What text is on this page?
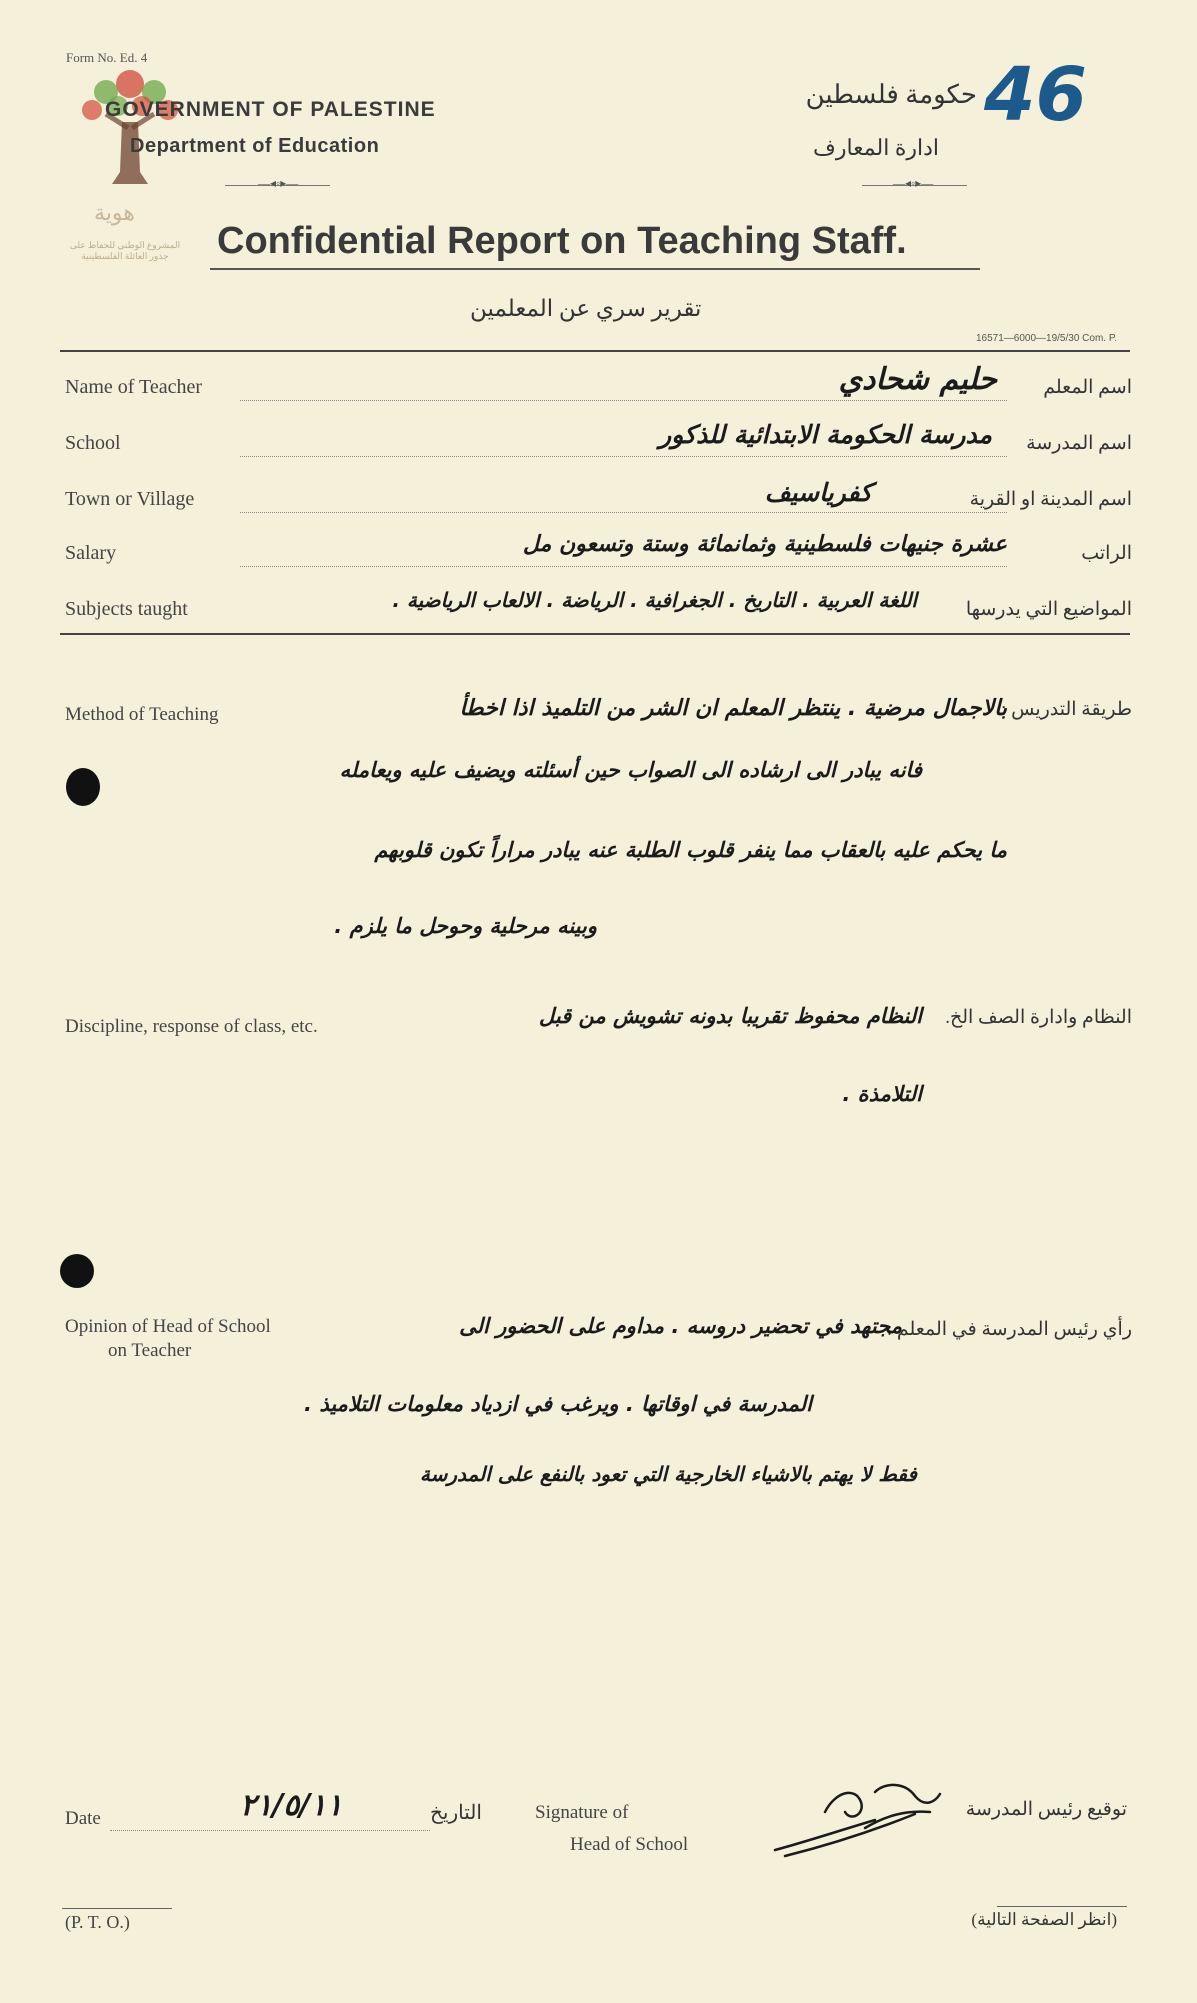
هوية
المشروع الوطني للحفاظ على جذور العائلة الفلسطينية
Form No. Ed. 4
GOVERNMENT OF PALESTINE
Department of Education
حكومة فلسطين
ادارة المعارف
46
—◂◦▸—	—◂◦▸—
Confidential Report on Teaching Staff.
تقرير سري عن المعلمين
16571—6000—19/5/30 Com. P.
Name of Teacher	اسم المعلم
حليم شحادي
School	اسم المدرسة
مدرسة الحكومة الابتدائية للذكور
Town or Village	اسم المدينة او القرية
كفرياسيف
Salary	الراتب
عشرة جنيهات فلسطينية وثمانمائة وستة وتسعون مل
Subjects taught	المواضيع التي يدرسها
اللغة العربية . التاريخ . الجغرافية . الرياضة . الالعاب الرياضية .
Method of Teaching	طريقة التدريس :
بالاجمال مرضية . ينتظر المعلم ان الشر من التلميذ اذا اخطأ
فانه يبادر الى ارشاده الى الصواب حين أسئلته ويضيف عليه ويعامله
ما يحكم عليه بالعقاب مما ينفر قلوب الطلبة عنه يبادر مراراً تكون قلوبهم
وبينه مرحلية وحوحل ما يلزم .
Discipline, response of class, etc.	النظام وادارة الصف الخ.
النظام محفوظ تقريبا بدونه تشويش من قبل
التلامذة .
Opinion of Head of School
on Teacher
رأي رئيس المدرسة في المعلم :
مجتهد في تحضير دروسه . مداوم على الحضور الى
المدرسة في اوقاتها . ويرغب في ازدياد معلومات التلاميذ .
فقط لا يهتم بالاشياء الخارجية التي تعود بالنفع على المدرسة
Date	٢١/٥/١١	التاريخ	Signature of
Head of School
توقيع رئيس المدرسة
(P. T. O.)	(انظر الصفحة التالية)
